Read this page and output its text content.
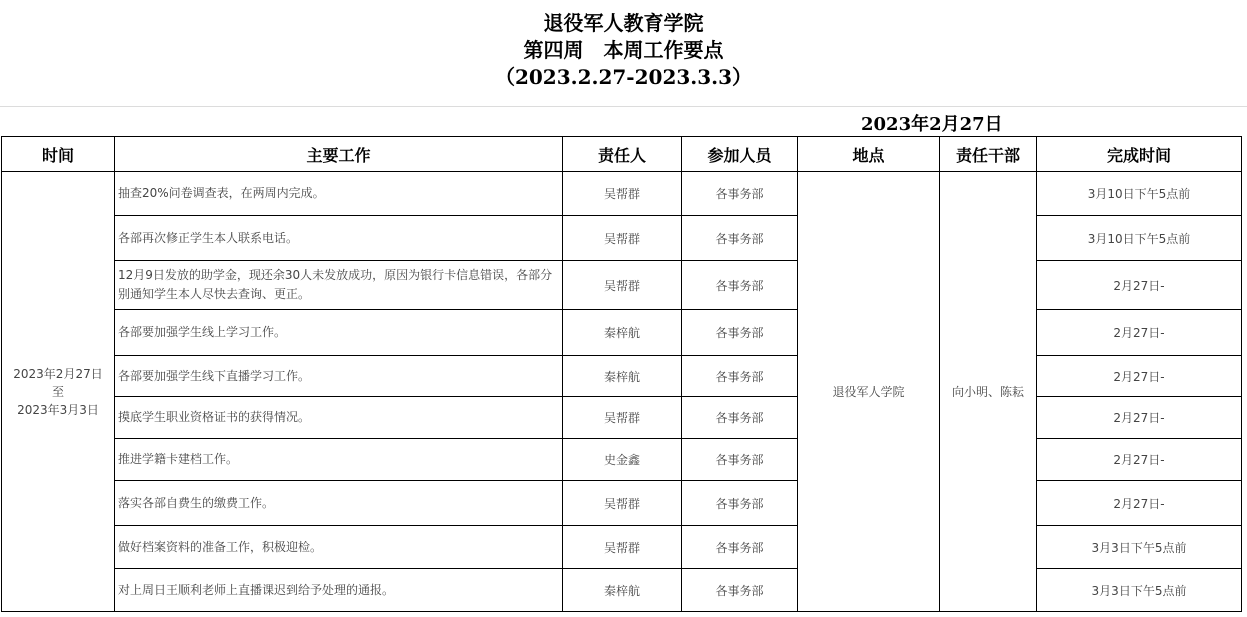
退役军人教育学院
第四周　本周工作要点
（2023.2.27-2023.3.3）
2023年2月27日
时间	主要工作	责任人	参加人员	地点	责任干部	完成时间

2023年2月27日
至
2023年3月3日	抽查20%问卷调查表，在两周内完成。	吴帮群	各事务部	退役军人学院	向小明、陈耘	3月10日下午5点前
	各部再次修正学生本人联系电话。	吴帮群	各事务部			3月10日下午5点前
	12月9日发放的助学金，现还余30人未发放成功，原因为银行卡信息错误，各部分别通知学生本人尽快去查询、更正。	吴帮群	各事务部			2月27日-
	各部要加强学生线上学习工作。	秦梓航	各事务部			2月27日-
	各部要加强学生线下直播学习工作。	秦梓航	各事务部			2月27日-
	摸底学生职业资格证书的获得情况。	吴帮群	各事务部			2月27日-
	推进学籍卡建档工作。	史金鑫	各事务部			2月27日-
	落实各部自费生的缴费工作。	吴帮群	各事务部			2月27日-
	做好档案资料的准备工作，积极迎检。	吴帮群	各事务部			3月3日下午5点前
	对上周日王顺利老师上直播课迟到给予处理的通报。	秦梓航	各事务部			3月3日下午5点前
